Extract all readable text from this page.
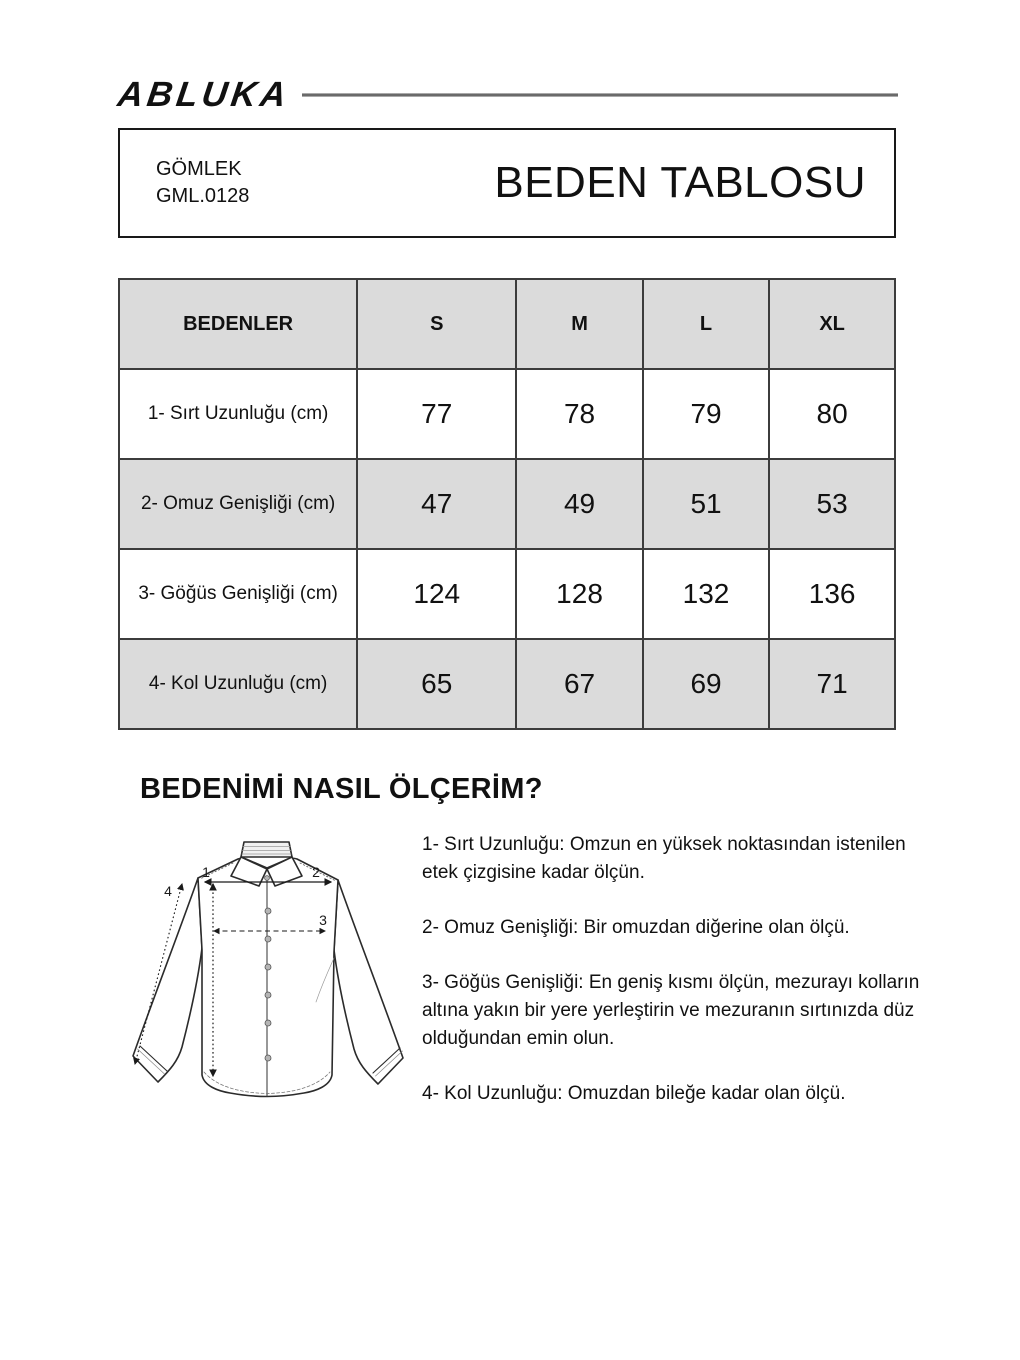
ABLUKA
GÖMLEK
GML.0128	BEDEN TABLOSU
BEDENLER	S	M	L	XL
1- Sırt Uzunluğu (cm)	77	78	79	80
2- Omuz Genişliği (cm)	47	49	51	53
3- Göğüs Genişliği (cm)	124	128	132	136
4- Kol Uzunluğu (cm)	65	67	69	71
BEDENİMİ NASIL ÖLÇERİM?
1	2
3
4

1- Sırt Uzunluğu: Omzun en yüksek noktasından istenilen etek çizgisine kadar ölçün.

2- Omuz Genişliği: Bir omuzdan diğerine olan ölçü.

3- Göğüs Genişliği: En geniş kısmı ölçün, mezurayı kolların altına yakın bir yere yerleştirin ve mezuranın sırtınızda düz olduğundan emin olun.

4- Kol Uzunluğu: Omuzdan bileğe kadar olan ölçü.
